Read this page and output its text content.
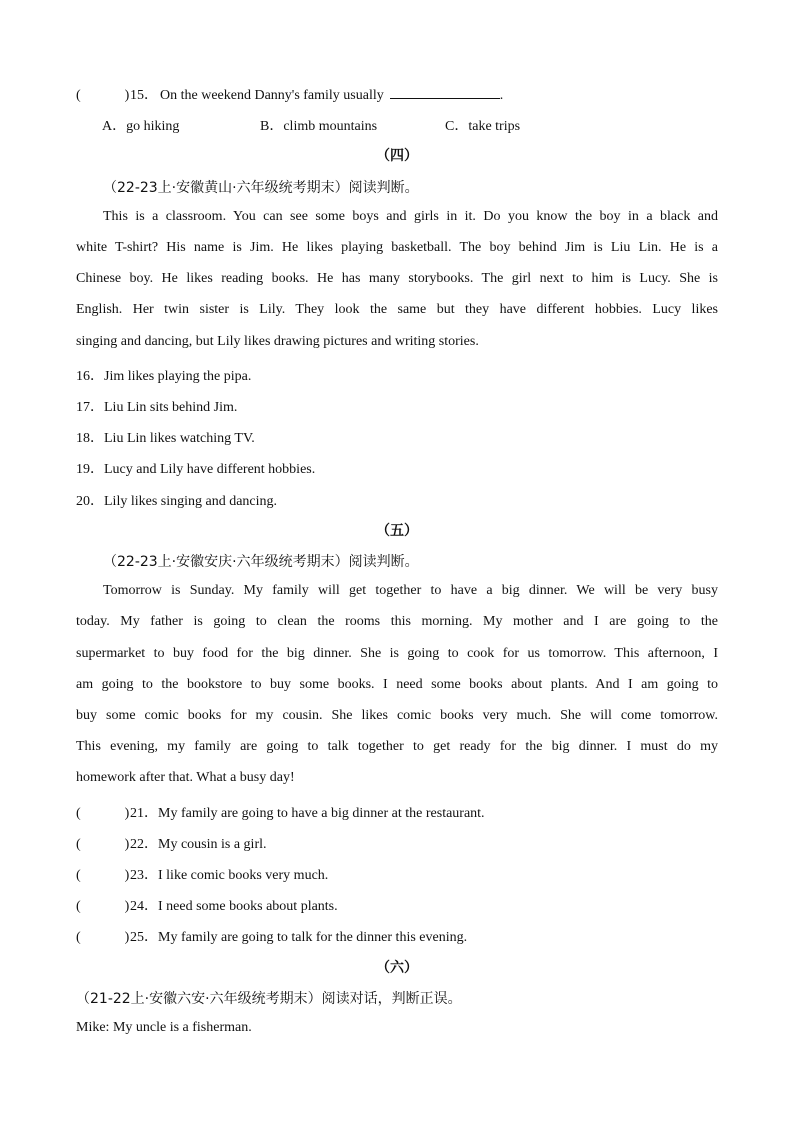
(	)15． On the weekend Danny's family usually	.
A．go hiking	B．climb mountains	C．take trips
（四）
（22-23上·安徽黄山·六年级统考期末）阅读判断。
This is a classroom. You can see some boys and girls in it. Do you know the boy in a black and
white T-shirt? His name is Jim. He likes playing basketball. The boy behind Jim is Liu Lin. He is a
Chinese boy. He likes reading books. He has many storybooks. The girl next to him is Lucy. She is
English. Her twin sister is Lily. They look the same but they have different hobbies. Lucy likes
singing and dancing, but Lily likes drawing pictures and writing stories.
16．Jim likes playing the pipa.
17．Liu Lin sits behind Jim.
18．Liu Lin likes watching TV.
19．Lucy and Lily have different hobbies.
20．Lily likes singing and dancing.
（五）
（22-23上·安徽安庆·六年级统考期末）阅读判断。
Tomorrow is Sunday. My family will get together to have a big dinner. We will be very busy
today. My father is going to clean the rooms this morning. My mother and I are going to the
supermarket to buy food for the big dinner. She is going to cook for us tomorrow. This afternoon, I
am going to the bookstore to buy some books. I need some books about plants. And I am going to
buy some comic books for my cousin. She likes comic books very much. She will come tomorrow.
This evening, my family are going to talk together to get ready for the big dinner. I must do my
homework after that. What a busy day!
(	)21．My family are going to have a big dinner at the restaurant.
(	)22．My cousin is a girl.
(	)23．I like comic books very much.
(	)24．I need some books about plants.
(	)25．My family are going to talk for the dinner this evening.
（六）
（21-22上·安徽六安·六年级统考期末）阅读对话，判断正误。
Mike: My uncle is a fisherman.
